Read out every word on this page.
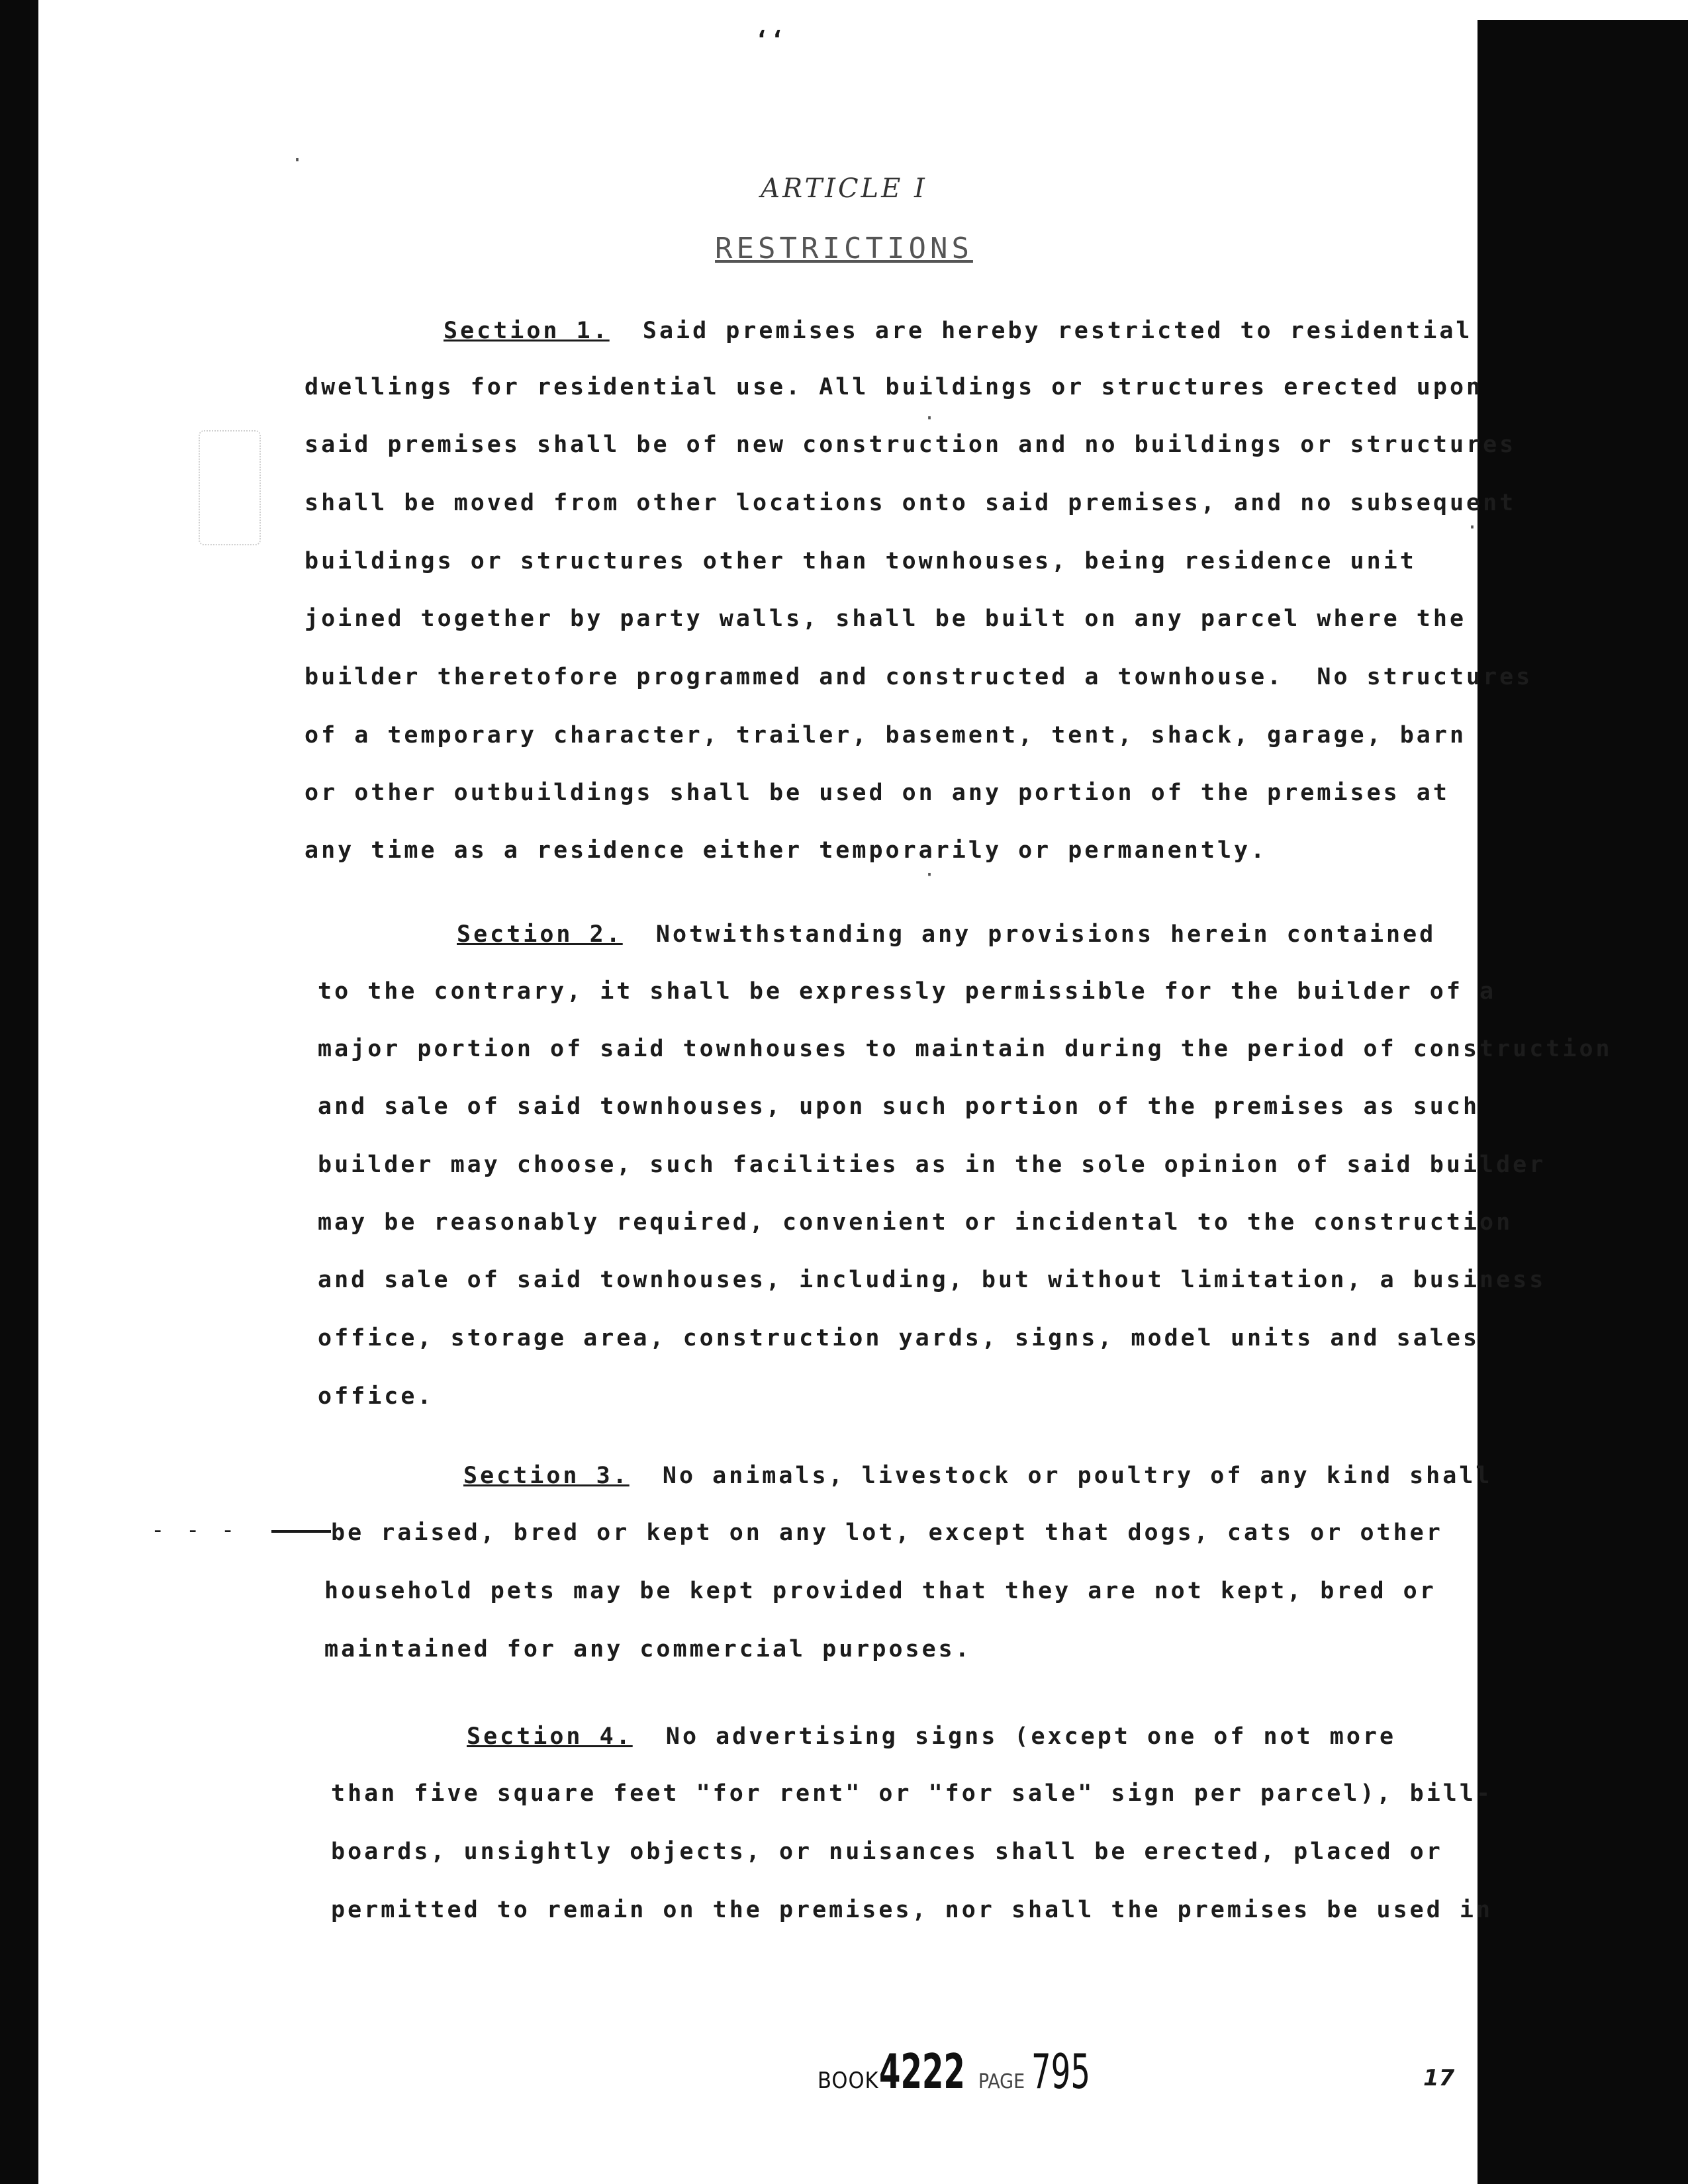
‘‘
ARTICLE I
RESTRICTIONS
Section 1. Said premises are hereby restricted to residential
dwellings for residential use. All buildings or structures erected upon
said premises shall be of new construction and no buildings or structures
shall be moved from other locations onto said premises, and no subsequent
buildings or structures other than townhouses, being residence unit
joined together by party walls, shall be built on any parcel where the
builder theretofore programmed and constructed a townhouse.  No structures
of a temporary character, trailer, basement, tent, shack, garage, barn
or other outbuildings shall be used on any portion of the premises at
any time as a residence either temporarily or permanently.
Section 2. Notwithstanding any provisions herein contained
to the contrary, it shall be expressly permissible for the builder of a
major portion of said townhouses to maintain during the period of construction
and sale of said townhouses, upon such portion of the premises as such
builder may choose, such facilities as in the sole opinion of said builder
may be reasonably required, convenient or incidental to the construction
and sale of said townhouses, including, but without limitation, a business
office, storage area, construction yards, signs, model units and sales
office.
Section 3. No animals, livestock or poultry of any kind shall
- - -	be raised, bred or kept on any lot, except that dogs, cats or other
household pets may be kept provided that they are not kept, bred or
maintained for any commercial purposes.
Section 4. No advertising signs (except one of not more
than five square feet "for rent" or "for sale" sign per parcel), bill-
boards, unsightly objects, or nuisances shall be erected, placed or
permitted to remain on the premises, nor shall the premises be used in
·
·
·
·
BOOK4222 PAGE 795	17
